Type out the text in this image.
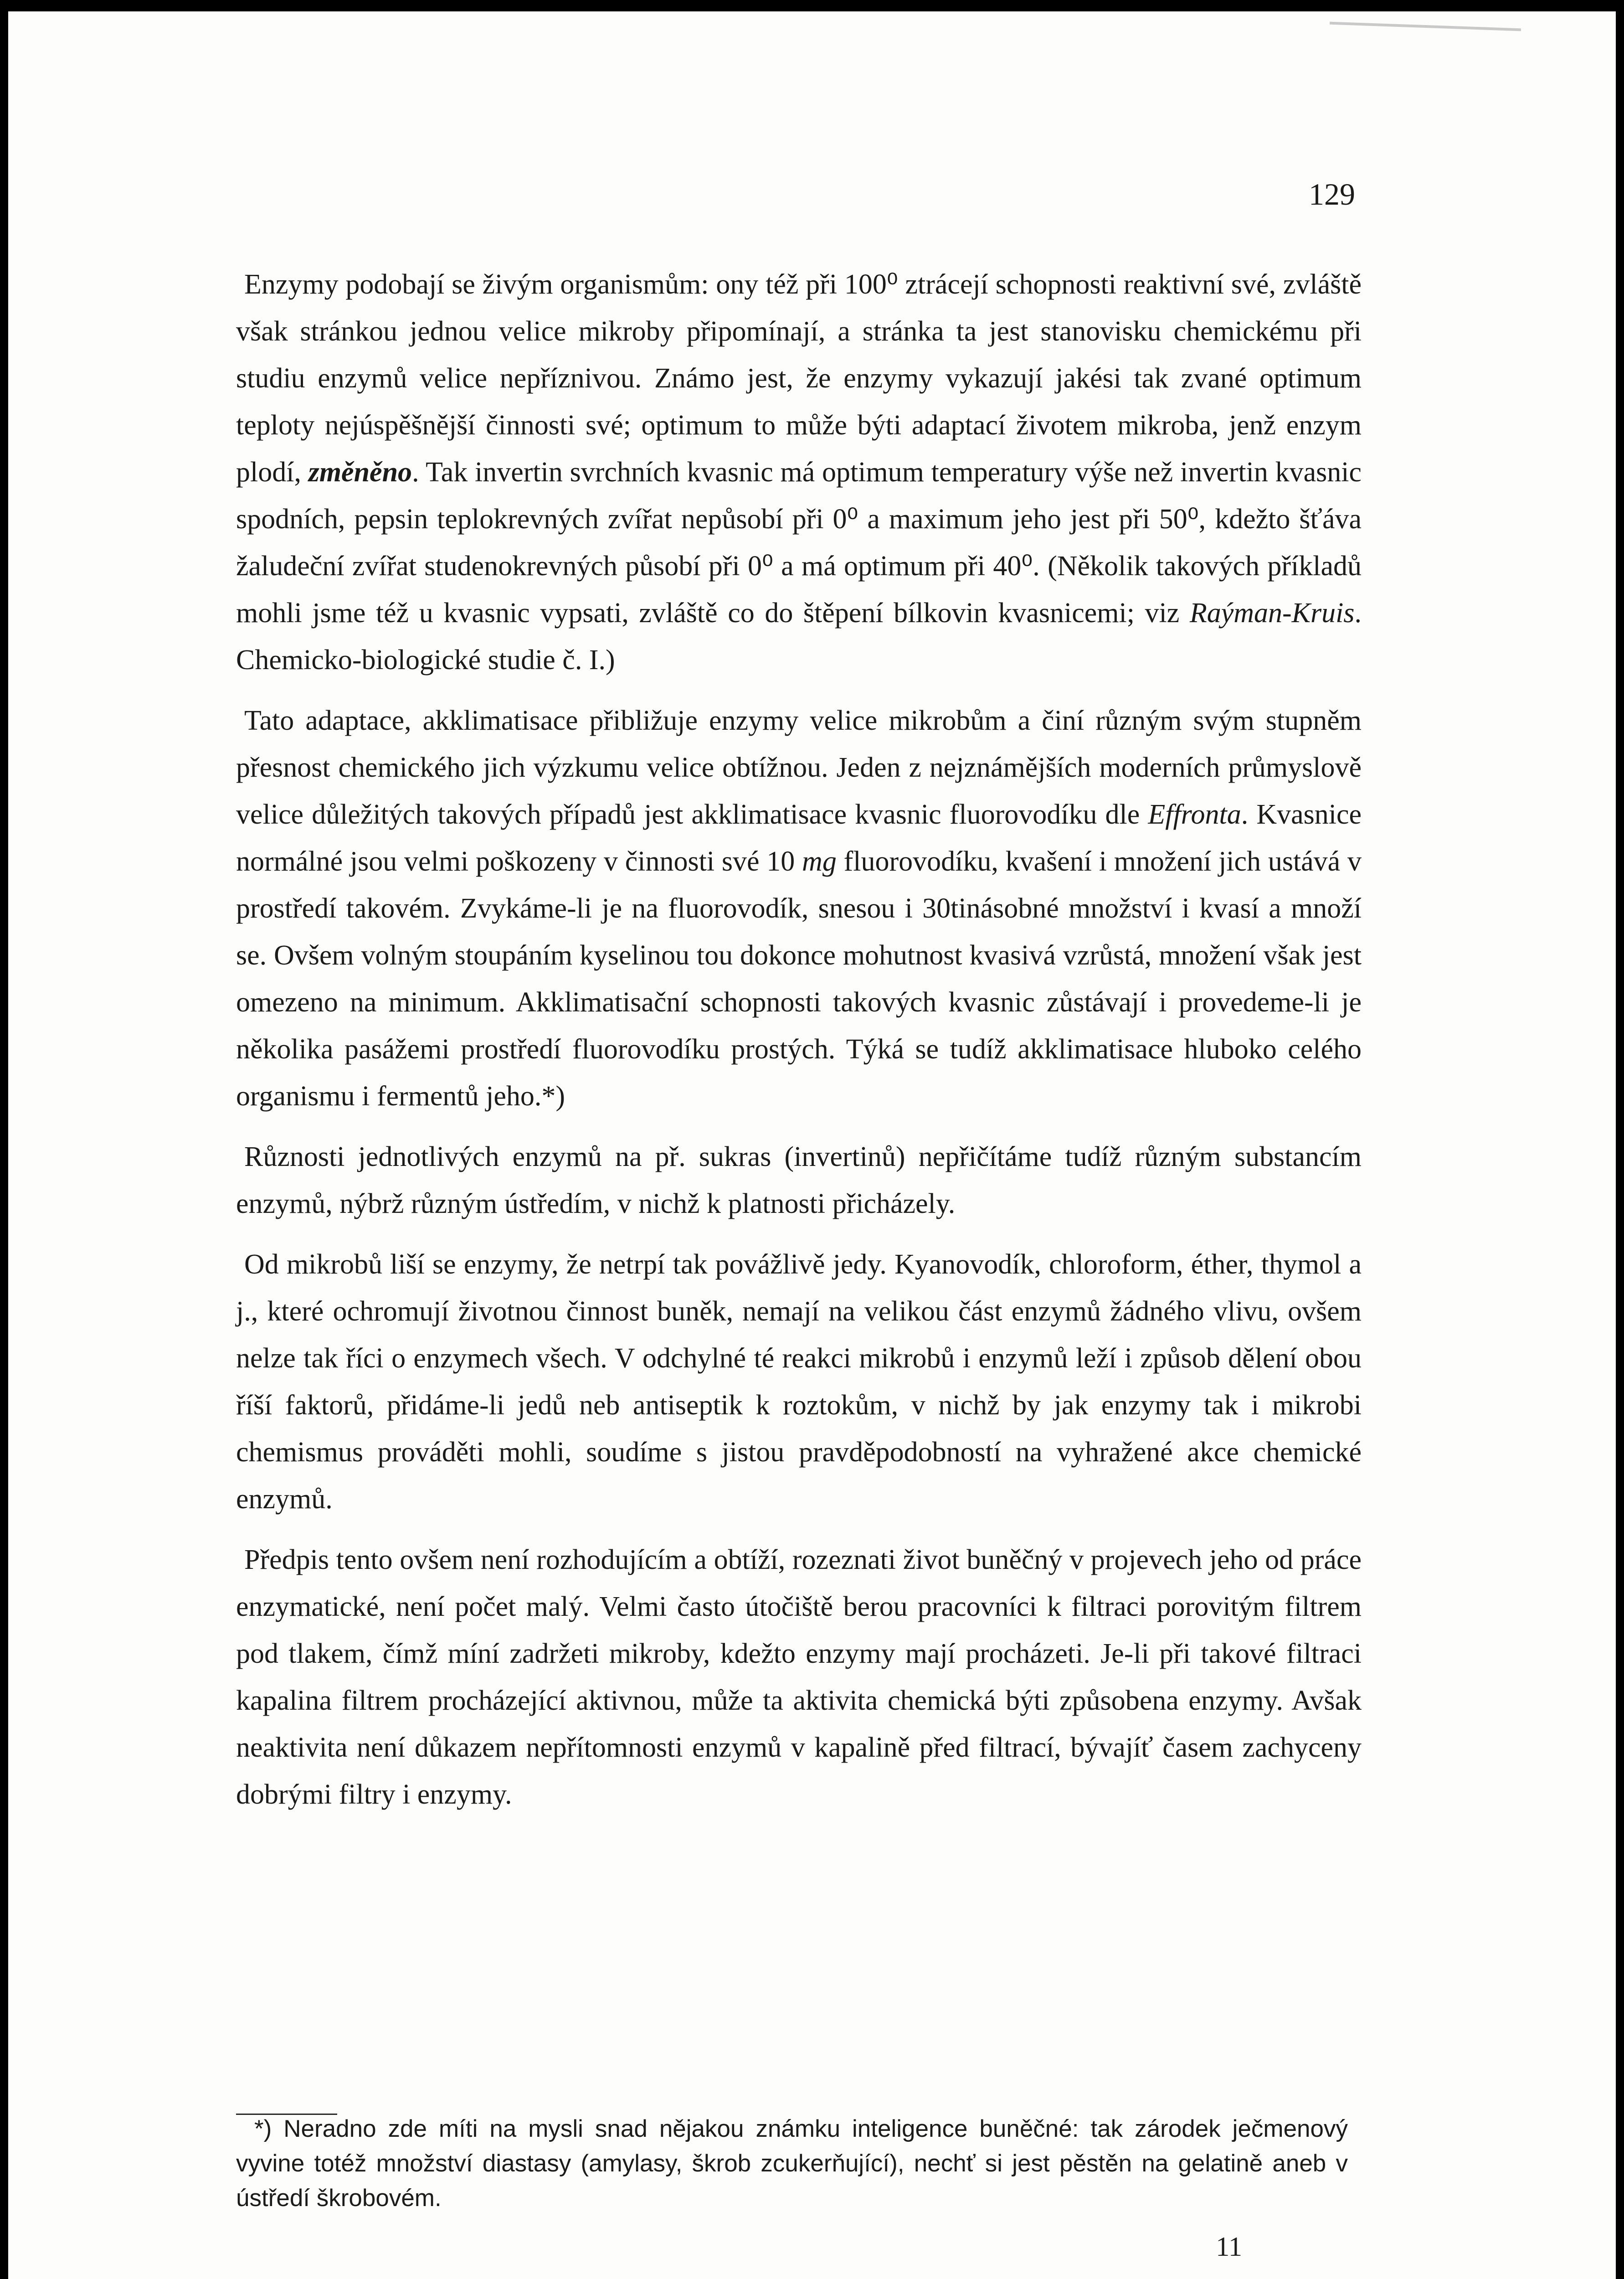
129

Enzymy podobají se živým organismům: ony též při 100⁰ ztrácejí schopnosti reaktivní své, zvláště však stránkou jednou velice mikroby připomínají, a stránka ta jest stanovisku chemickému při studiu enzymů velice nepříznivou. Známo jest, že enzymy vykazují jakési tak zvané optimum teploty nejúspěšnější činnosti své; optimum to může býti adaptací životem mikroba, jenž enzym plodí, změněno. Tak invertin svrchních kvasnic má optimum temperatury výše než invertin kvasnic spodních, pepsin teplokrevných zvířat nepůsobí při 0⁰ a maximum jeho jest při 50⁰, kdežto šťáva žaludeční zvířat studenokrevných působí při 0⁰ a má optimum při 40⁰. (Několik takových příkladů mohli jsme též u kvasnic vypsati, zvláště co do štěpení bílkovin kvasnicemi; viz Raýman-Kruis. Chemicko-biologické studie č. I.)

Tato adaptace, akklimatisace přibližuje enzymy velice mikrobům a činí různým svým stupněm přesnost chemického jich výzkumu velice obtížnou. Jeden z nejznámějších moderních průmyslově velice důležitých takových případů jest akklimatisace kvasnic fluorovodíku dle Effronta. Kvasnice normálné jsou velmi poškozeny v činnosti své 10 mg fluorovodíku, kvašení i množení jich ustává v prostředí takovém. Zvykáme-li je na fluorovodík, snesou i 30tinásobné množství i kvasí a množí se. Ovšem volným stoupáním kyselinou tou dokonce mohutnost kvasivá vzrůstá, množení však jest omezeno na minimum. Akklimatisační schopnosti takových kvasnic zůstávají i provedeme-li je několika pasážemi prostředí fluorovodíku prostých. Týká se tudíž akklimatisace hluboko celého organismu i fermentů jeho.*)

Různosti jednotlivých enzymů na př. sukras (invertinů) nepřičítáme tudíž různým substancím enzymů, nýbrž různým ústředím, v nichž k platnosti přicházely.

Od mikrobů liší se enzymy, že netrpí tak povážlivě jedy. Kyanovodík, chloroform, éther, thymol a j., které ochromují životnou činnost buněk, nemají na velikou část enzymů žádného vlivu, ovšem nelze tak říci o enzymech všech. V odchylné té reakci mikrobů i enzymů leží i způsob dělení obou říší faktorů, přidáme-li jedů neb antiseptik k roztokům, v nichž by jak enzymy tak i mikrobi chemismus prováděti mohli, soudíme s jistou pravděpodobností na vyhražené akce chemické enzymů.

Předpis tento ovšem není rozhodujícím a obtíží, rozeznati život buněčný v projevech jeho od práce enzymatické, není počet malý. Velmi často útočiště berou pracovníci k filtraci porovitým filtrem pod tlakem, čímž míní zadržeti mikroby, kdežto enzymy mají procházeti. Je-li při takové filtraci kapalina filtrem procházející aktivnou, může ta aktivita chemická býti způsobena enzymy. Avšak neaktivita není důkazem nepřítomnosti enzymů v kapalině před filtrací, bývajíť časem zachyceny dobrými filtry i enzymy.

*) Neradno zde míti na mysli snad nějakou známku inteligence buněčné: tak zárodek ječmenový vyvine totéž množství diastasy (amylasy, škrob zcukerňující), nechť si jest pěstěn na gelatině aneb v ústředí škrobovém.

11
